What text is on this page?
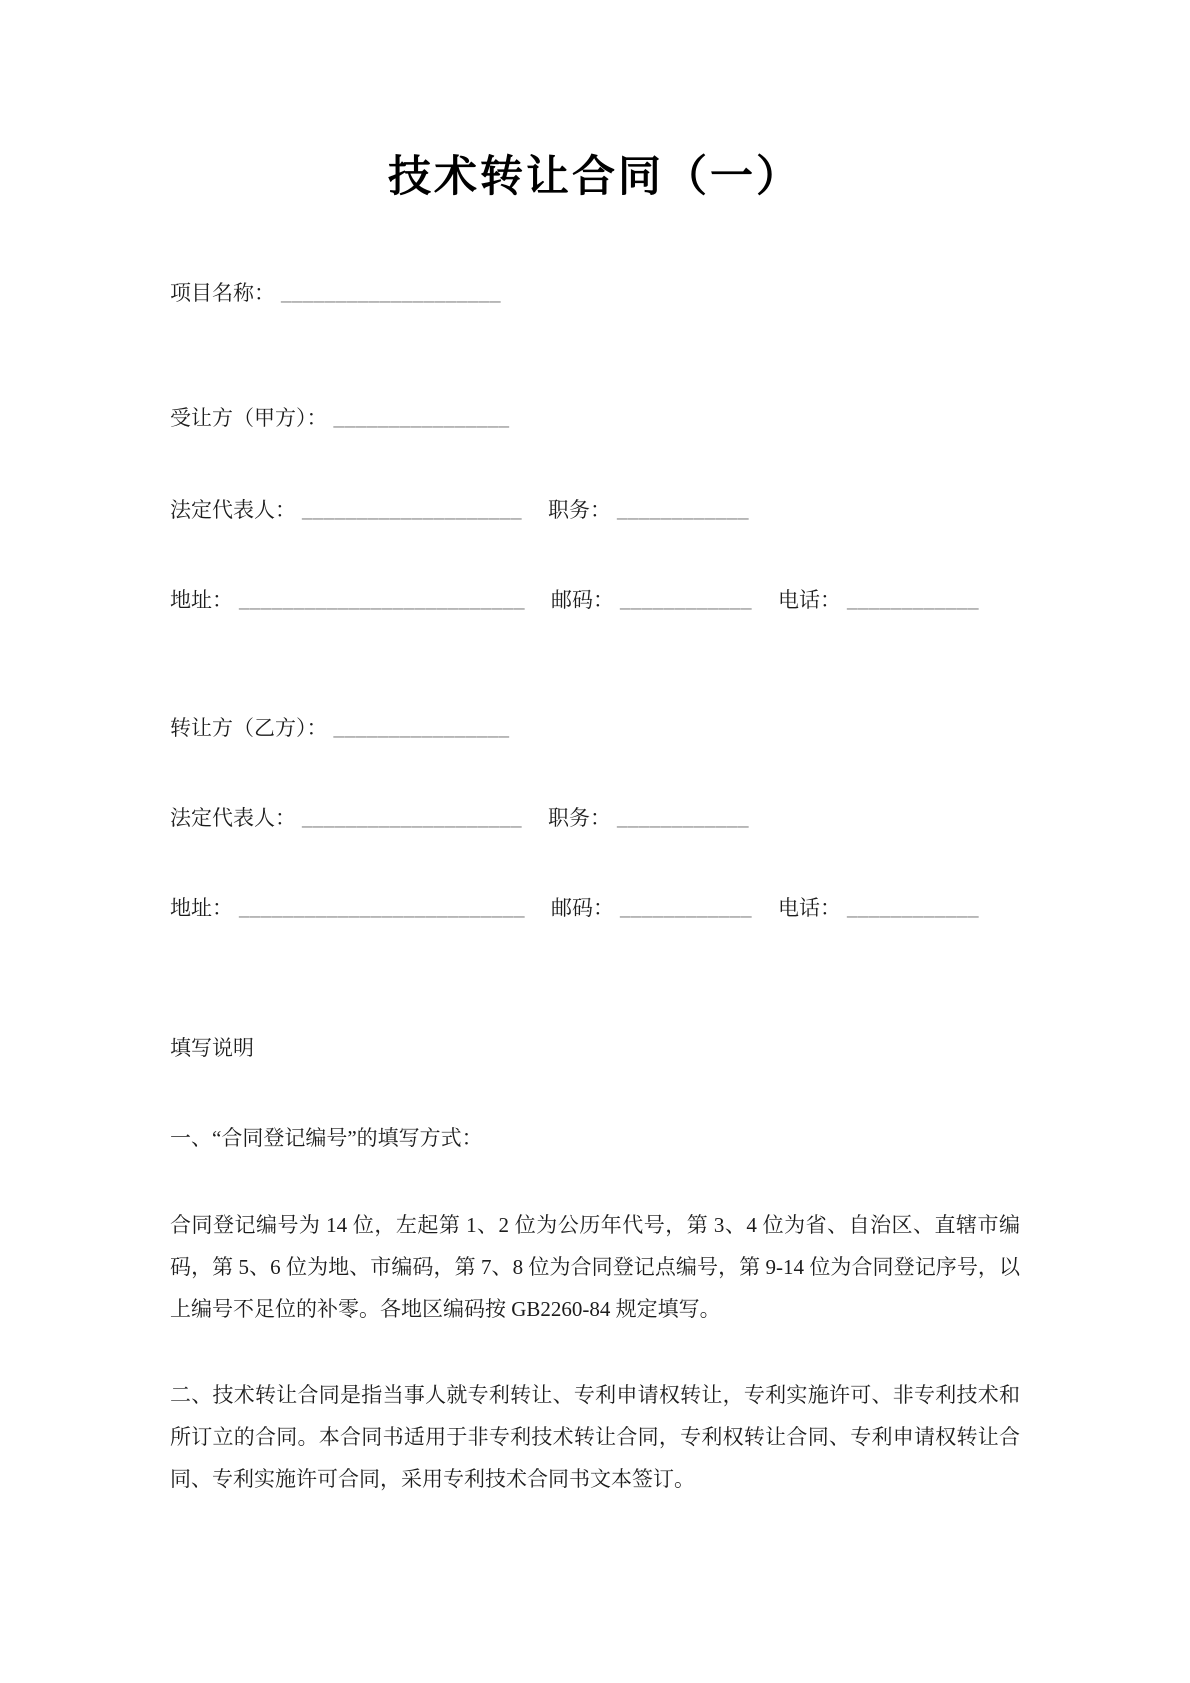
技术转让合同（一）
项目名称： ____________________
受让方（甲方）： ________________
法定代表人： ____________________ 职务： ____________
地址： __________________________ 邮码： ____________ 电话： ____________
转让方（乙方）： ________________
法定代表人： ____________________ 职务： ____________
地址： __________________________ 邮码： ____________ 电话： ____________
填写说明
一、“合同登记编号”的填写方式：

合同登记编号为 14 位，左起第 1、2 位为公历年代号，第 3、4 位为省、自治区、直辖市编码，第 5、6 位为地、市编码，第 7、8 位为合同登记点编号，第 9-14 位为合同登记序号，以上编号不足位的补零。各地区编码按 GB2260-84 规定填写。

二、技术转让合同是指当事人就专利转让、专利申请权转让，专利实施许可、非专利技术和所订立的合同。本合同书适用于非专利技术转让合同，专利权转让合同、专利申请权转让合同、专利实施许可合同，采用专利技术合同书文本签订。
